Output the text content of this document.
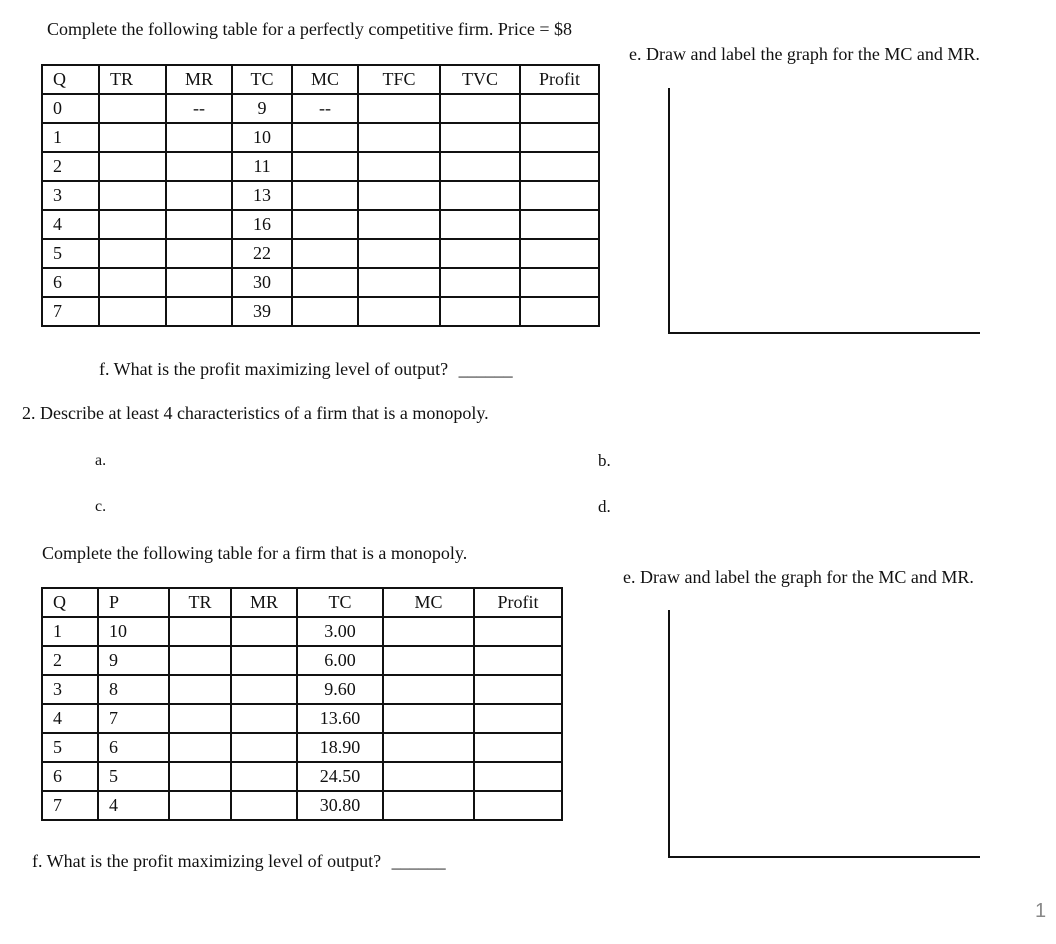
Complete the following table for a perfectly competitive firm. Price = $8
e. Draw and label the graph for the MC and MR.
Q	TR	MR	TC	MC	TFC	TVC	Profit
0		--	9	--			
1			10				
2			11				
3			13				
4			16				
5			22				
6			30				
7			39				
f. What is the profit maximizing level of output? ______
2. Describe at least 4 characteristics of a firm that is a monopoly.
a.	b.
c.	d.
Complete the following table for a firm that is a monopoly.
e. Draw and label the graph for the MC and MR.
Q	P	TR	MR	TC	MC	Profit
1	10			3.00		
2	9			6.00		
3	8			9.60		
4	7			13.60		
5	6			18.90		
6	5			24.50		
7	4			30.80		
f. What is the profit maximizing level of output? ______
1
